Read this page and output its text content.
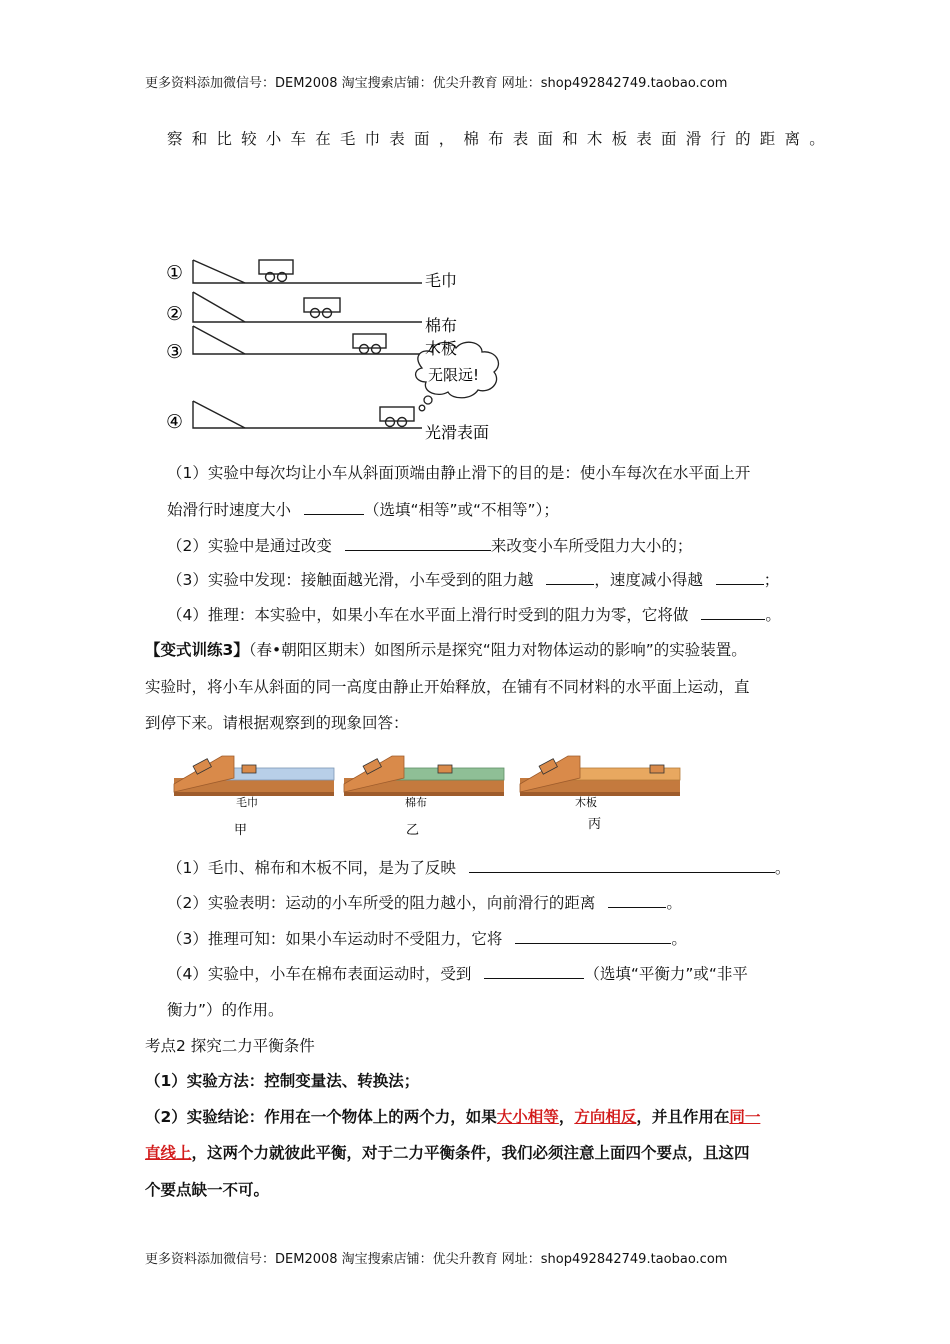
更多资料添加微信号：DEM2008 淘宝搜索店铺：优尖升教育 网址：shop492842749.taobao.com
察和比较小车在毛巾表面，棉布表面和木板表面滑行的距离。
①
②
③
④
毛巾
棉布
木板
无限远!
光滑表面
（1）实验中每次均让小车从斜面顶端由静止滑下的目的是：使小车每次在水平面上开
始滑行时速度大小	（选填“相等”或“不相等”）；
（2）实验中是通过改变	来改变小车所受阻力大小的；
（3）实验中发现：接触面越光滑，小车受到的阻力越	，速度减小得越	；
（4）推理：本实验中，如果小车在水平面上滑行时受到的阻力为零，它将做	。
【变式训练3】（春•朝阳区期末）如图所示是探究“阻力对物体运动的影响”的实验装置。
实验时，将小车从斜面的同一高度由静止开始释放，在铺有不同材料的水平面上运动，直
到停下来。请根据观察到的现象回答：
毛巾	棉布	木板
甲	乙	丙
（1）毛巾、棉布和木板不同，是为了反映	。
（2）实验表明：运动的小车所受的阻力越小，向前滑行的距离	。
（3）推理可知：如果小车运动时不受阻力，它将	。
（4）实验中，小车在棉布表面运动时，受到	（选填“平衡力”或“非平
衡力”）的作用。
考点2 探究二力平衡条件
（1）实验方法：控制变量法、转换法；
（2）实验结论：作用在一个物体上的两个力，如果大小相等，方向相反，并且作用在同一
直线上，这两个力就彼此平衡，对于二力平衡条件，我们必须注意上面四个要点，且这四
个要点缺一不可。
更多资料添加微信号：DEM2008 淘宝搜索店铺：优尖升教育 网址：shop492842749.taobao.com
